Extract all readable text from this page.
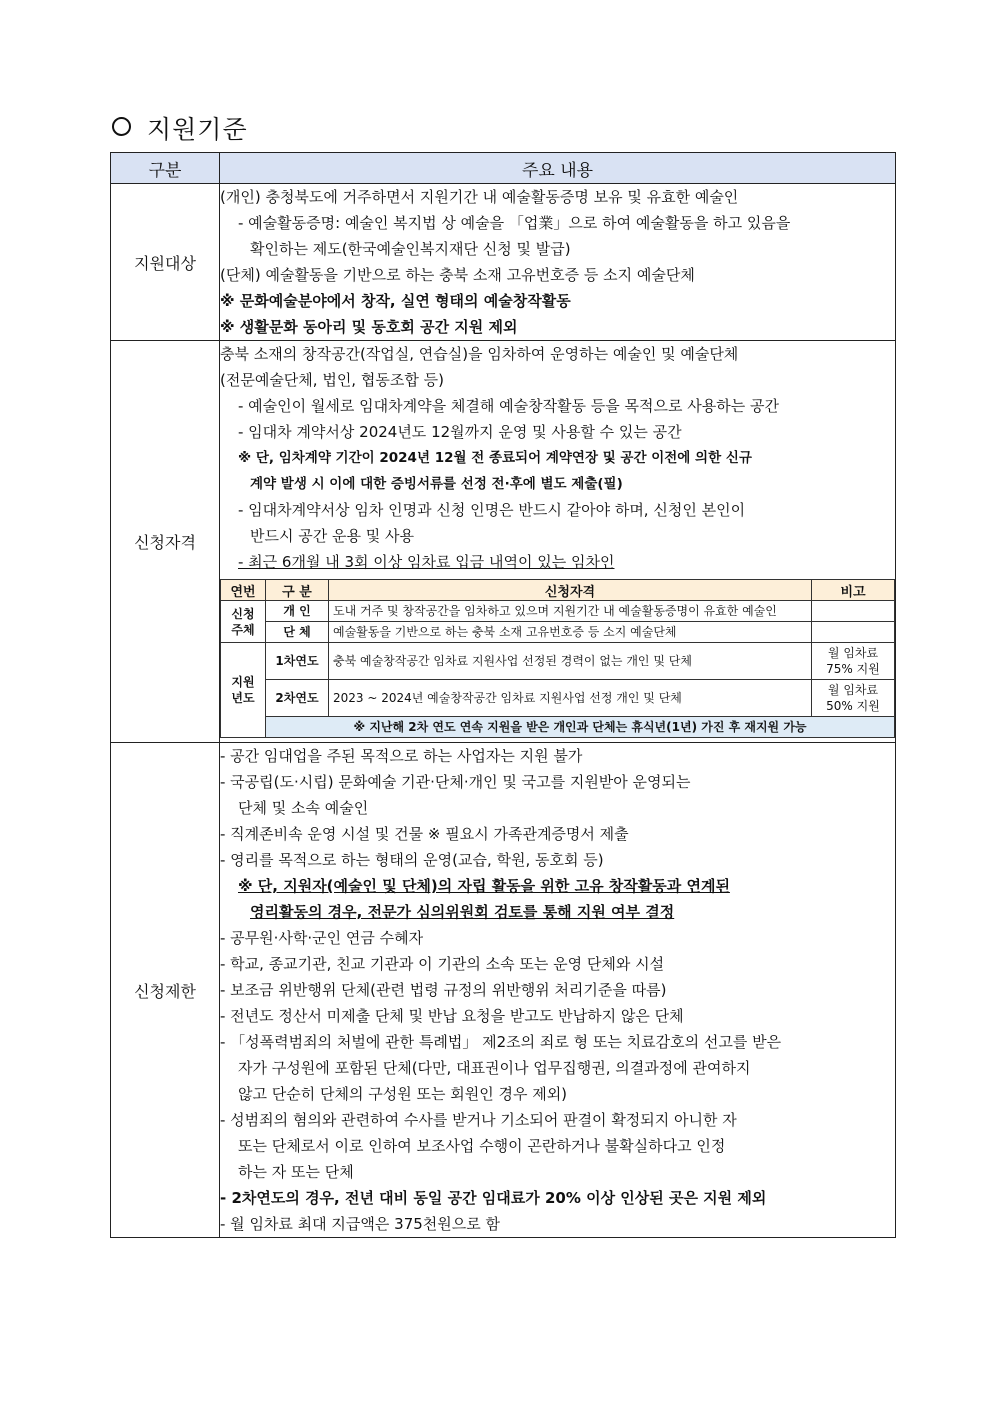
지원기준
구분	주요 내용
지원대상	
(개인) 충청북도에 거주하면서 지원기간 내 예술활동증명 보유 및 유효한 예술인
- 예술활동증명: 예술인 복지법 상 예술을 「업業」으로 하여 예술활동을 하고 있음을
확인하는 제도(한국예술인복지재단 신청 및 발급)
(단체) 예술활동을 기반으로 하는 충북 소재 고유번호증 등 소지 예술단체
※ 문화예술분야에서 창작, 실연 형태의 예술창작활동
※ 생활문화 동아리 및 동호회 공간 지원 제외

신청자격	
충북 소재의 창작공간(작업실, 연습실)을 임차하여 운영하는 예술인 및 예술단체
(전문예술단체, 법인, 협동조합 등)
- 예술인이 월세로 임대차계약을 체결해 예술창작활동 등을 목적으로 사용하는 공간
- 임대차 계약서상 2024년도 12월까지 운영 및 사용할 수 있는 공간
※ 단, 임차계약 기간이 2024년 12월 전 종료되어 계약연장 및 공간 이전에 의한 신규
계약 발생 시 이에 대한 증빙서류를 선정 전·후에 별도 제출(필)
- 임대차계약서상 임차 인명과 신청 인명은 반드시 같아야 하며, 신청인 본인이
반드시 공간 운용 및 사용
- 최근 6개월 내 3회 이상 임차료 입금 내역이 있는 임차인
연번	구 분	신청자격	비고
신청
주체	개 인	도내 거주 및 창작공간을 임차하고 있으며 지원기간 내 예술활동증명이 유효한 예술인	
단 체	예술활동을 기반으로 하는 충북 소재 고유번호증 등 소지 예술단체	
지원
년도	1차연도	충북 예술창작공간 임차료 지원사업 선정된 경력이 없는 개인 및 단체	월 임차료 75% 지원
2차연도	2023 ~ 2024년 예술창작공간 임차료 지원사업 선정 개인 및 단체	월 임차료 50% 지원
※ 지난해 2차 연도 연속 지원을 받은 개인과 단체는 휴식년(1년) 가진 후 재지원 가능

신청제한	
- 공간 임대업을 주된 목적으로 하는 사업자는 지원 불가
- 국공립(도·시립) 문화예술 기관·단체·개인 및 국고를 지원받아 운영되는
단체 및 소속 예술인
- 직계존비속 운영 시설 및 건물 ※ 필요시 가족관계증명서 제출
- 영리를 목적으로 하는 형태의 운영(교습, 학원, 동호회 등)
※ 단, 지원자(예술인 및 단체)의 자립 활동을 위한 고유 창작활동과 연계된
영리활동의 경우, 전문가 심의위원회 검토를 통해 지원 여부 결정
- 공무원·사학·군인 연금 수혜자
- 학교, 종교기관, 친교 기관과 이 기관의 소속 또는 운영 단체와 시설
- 보조금 위반행위 단체(관련 법령 규정의 위반행위 처리기준을 따름)
- 전년도 정산서 미제출 단체 및 반납 요청을 받고도 반납하지 않은 단체
- 「성폭력범죄의 처벌에 관한 특례법」 제2조의 죄로 형 또는 치료감호의 선고를 받은
자가 구성원에 포함된 단체(다만, 대표권이나 업무집행권, 의결과정에 관여하지
않고 단순히 단체의 구성원 또는 회원인 경우 제외)
- 성범죄의 혐의와 관련하여 수사를 받거나 기소되어 판결이 확정되지 아니한 자
또는 단체로서 이로 인하여 보조사업 수행이 곤란하거나 불확실하다고 인정
하는 자 또는 단체
- 2차연도의 경우, 전년 대비 동일 공간 임대료가 20% 이상 인상된 곳은 지원 제외
- 월 임차료 최대 지급액은 375천원으로 함
